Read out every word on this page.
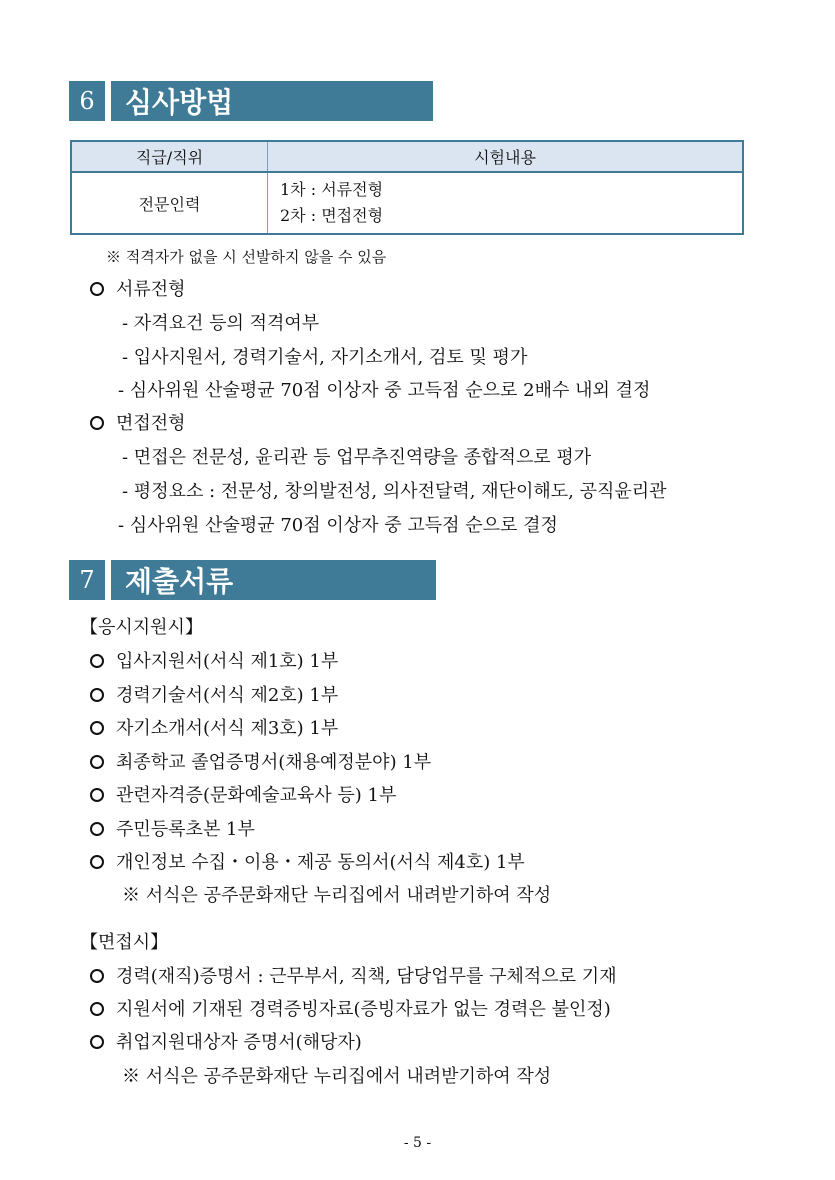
6	심사방법
직급/직위	시험내용
전문인력	1차 : 서류전형
2차 : 면접전형
※ 적격자가 없을 시 선발하지 않을 수 있음
서류전형
- 자격요건 등의 적격여부
- 입사지원서, 경력기술서, 자기소개서, 검토 및 평가
- 심사위원 산술평균 70점 이상자 중 고득점 순으로 2배수 내외 결정
면접전형
- 면접은 전문성, 윤리관 등 업무추진역량을 종합적으로 평가
- 평정요소 : 전문성, 창의발전성, 의사전달력, 재단이해도, 공직윤리관
- 심사위원 산술평균 70점 이상자 중 고득점 순으로 결정
7	제출서류
【응시지원시】
입사지원서(서식 제1호) 1부
경력기술서(서식 제2호) 1부
자기소개서(서식 제3호) 1부
최종학교 졸업증명서(채용예정분야) 1부
관련자격증(문화예술교육사 등) 1부
주민등록초본 1부
개인정보 수집・이용・제공 동의서(서식 제4호) 1부
※ 서식은 공주문화재단 누리집에서 내려받기하여 작성
【면접시】
경력(재직)증명서 : 근무부서, 직책, 담당업무를 구체적으로 기재
지원서에 기재된 경력증빙자료(증빙자료가 없는 경력은 불인정)
취업지원대상자 증명서(해당자)
※ 서식은 공주문화재단 누리집에서 내려받기하여 작성
- 5 -
